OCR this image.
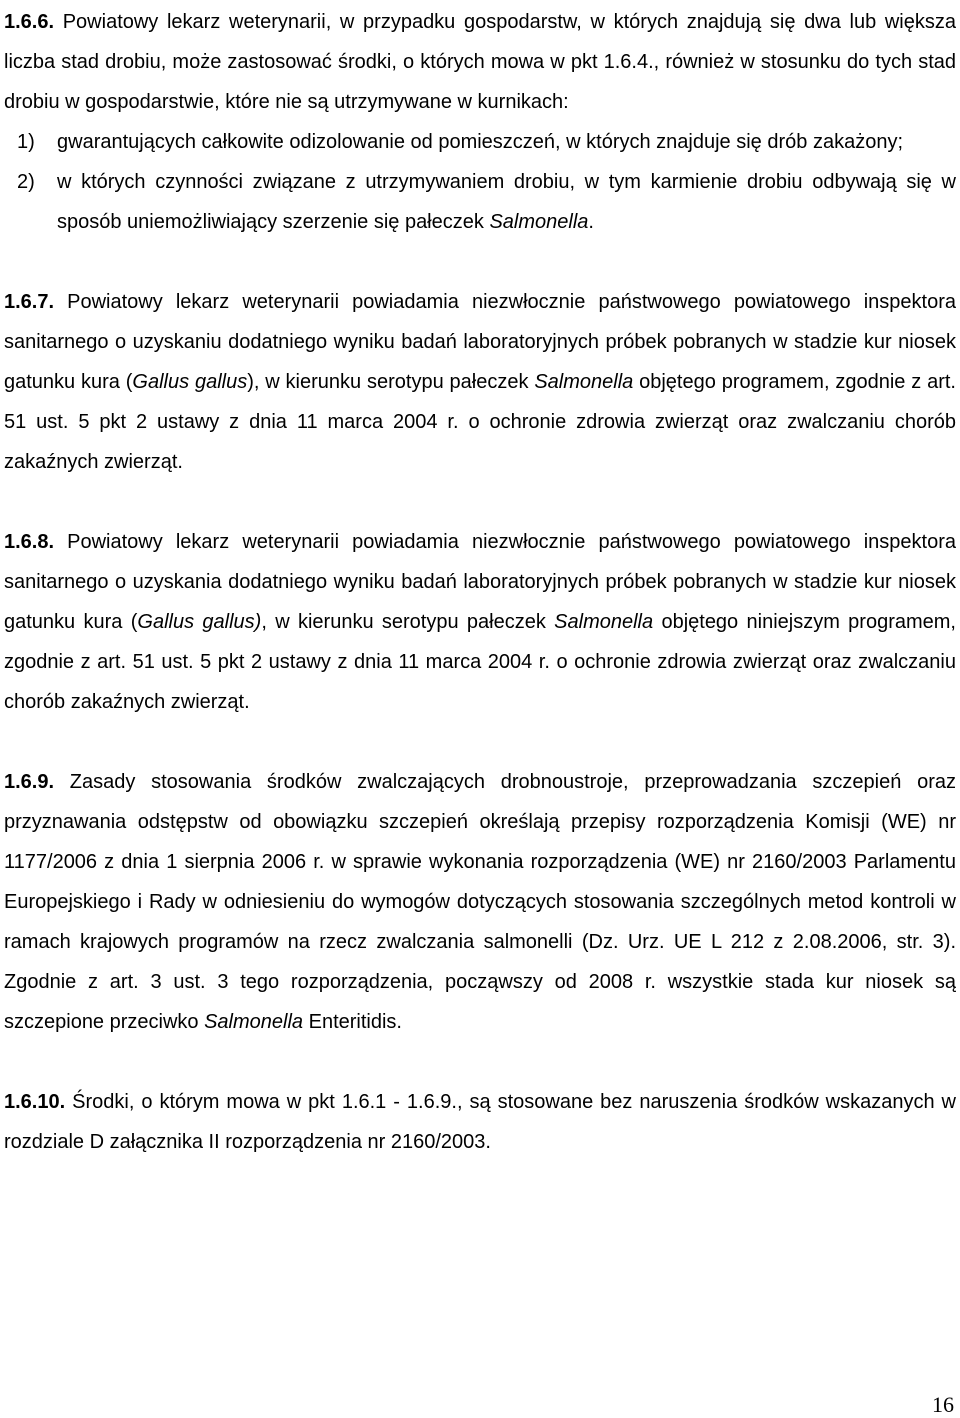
1.6.6. Powiatowy lekarz weterynarii, w przypadku gospodarstw, w których znajdują się dwa lub większa liczba stad drobiu, może zastosować środki, o których mowa w pkt 1.6.4., również w stosunku do tych stad drobiu w gospodarstwie, które nie są utrzymywane w kurnikach:

1)	gwarantujących całkowite odizolowanie od pomieszczeń, w których znajduje się drób zakażony;
2)	w których czynności związane z utrzymywaniem drobiu, w tym karmienie drobiu odbywają się w sposób uniemożliwiający szerzenie się pałeczek Salmonella.

1.6.7. Powiatowy lekarz weterynarii powiadamia niezwłocznie państwowego powiatowego inspektora sanitarnego o uzyskaniu dodatniego wyniku badań laboratoryjnych próbek pobranych w stadzie kur niosek gatunku kura (Gallus gallus), w kierunku serotypu pałeczek Salmonella objętego programem, zgodnie z art. 51 ust. 5 pkt 2 ustawy z dnia 11 marca 2004 r. o ochronie zdrowia zwierząt oraz zwalczaniu chorób zakaźnych zwierząt.

1.6.8. Powiatowy lekarz weterynarii powiadamia niezwłocznie państwowego powiatowego inspektora sanitarnego o uzyskania dodatniego wyniku badań laboratoryjnych próbek pobranych w stadzie kur niosek gatunku kura (Gallus gallus), w kierunku serotypu pałeczek Salmonella objętego niniejszym programem, zgodnie z art. 51 ust. 5 pkt 2 ustawy z dnia 11 marca 2004 r. o ochronie zdrowia zwierząt oraz zwalczaniu chorób zakaźnych zwierząt.

1.6.9. Zasady stosowania środków zwalczających drobnoustroje, przeprowadzania szczepień oraz przyznawania odstępstw od obowiązku szczepień określają przepisy rozporządzenia Komisji (WE) nr 1177/2006 z dnia 1 sierpnia 2006 r. w sprawie wykonania rozporządzenia (WE) nr 2160/2003 Parlamentu Europejskiego i Rady w odniesieniu do wymogów dotyczących stosowania szczególnych metod kontroli w ramach krajowych programów na rzecz zwalczania salmonelli (Dz. Urz. UE L 212 z 2.08.2006, str. 3). Zgodnie z art. 3 ust. 3 tego rozporządzenia, począwszy od 2008 r. wszystkie stada kur niosek są szczepione przeciwko Salmonella Enteritidis.

1.6.10. Środki, o którym mowa w pkt 1.6.1 - 1.6.9., są stosowane bez naruszenia środków wskazanych w rozdziale D załącznika II rozporządzenia nr 2160/2003.

16
